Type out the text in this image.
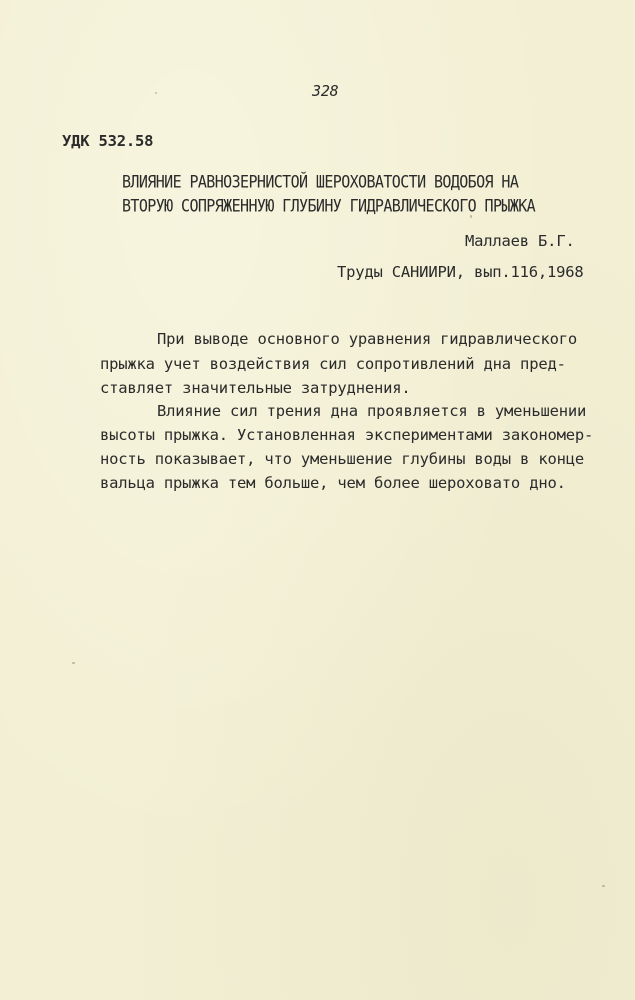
328
УДК 532.58
ВЛИЯНИЕ РАВНОЗЕРНИСТОЙ ШЕРОХОВАТОСТИ ВОДОБОЯ НА
ВТОРУЮ СОПРЯЖЕННУЮ ГЛУБИНУ ГИДРАВЛИЧЕСКОГО ПРЫЖКА
Маллаев Б.Г.
Труды САНИИРИ, вып.116,1968
При выводе основного уравнения гидравлического
прыжка учет воздействия сил сопротивлений дна пред-
ставляет значительные затруднения.
Влияние сил трения дна проявляется в уменьшении
высоты прыжка. Установленная экспериментами закономер-
ность показывает, что уменьшение глубины воды в конце
вальца прыжка тем больше, чем более шероховато дно.
